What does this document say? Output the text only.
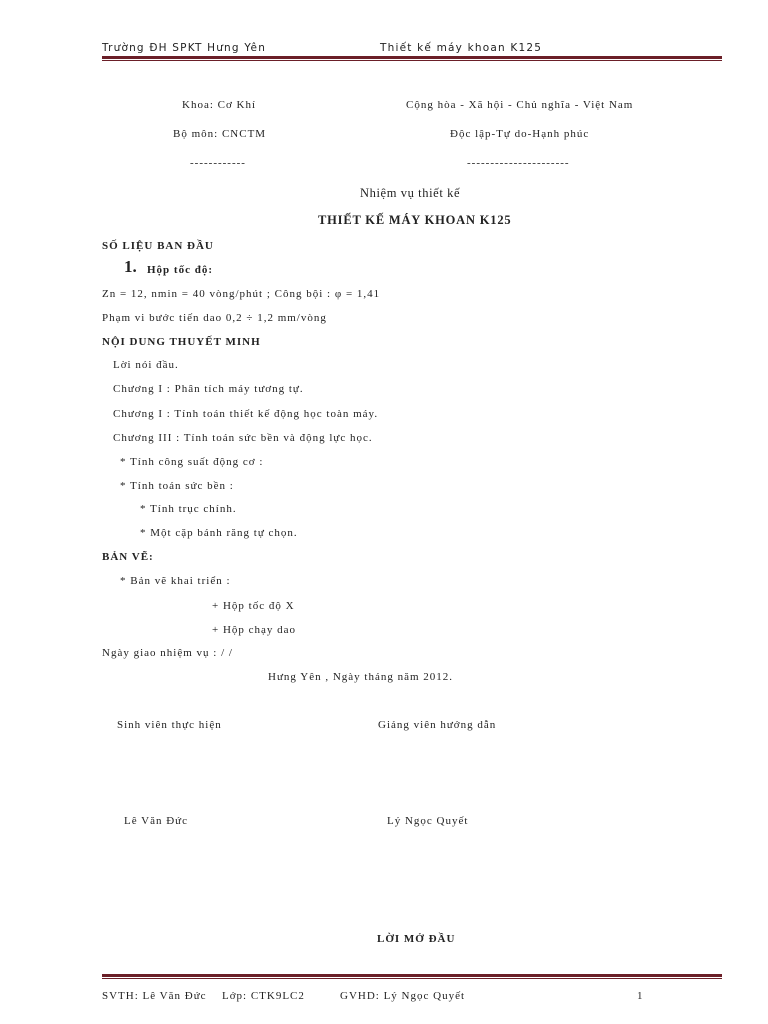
Trường ĐH SPKT Hưng Yên	Thiết kế máy khoan K125
Khoa: Cơ Khí	Cộng hòa - Xã hội - Chủ nghĩa - Việt Nam
Bộ môn: CNCTM	Độc lập-Tự do-Hạnh phúc
------------	----------------------
Nhiệm vụ thiết kế
THIẾT KẾ MÁY KHOAN K125
SỐ LIỆU BAN ĐẦU
1. Hộp tốc độ:
Zn = 12, nmin = 40 vòng/phút ; Công bội : φ = 1,41
Phạm vi bước tiến dao 0,2 ÷ 1,2 mm/vòng
NỘI DUNG THUYẾT MINH
Lời nói đầu.
Chương I : Phân tích máy tương tự.
Chương I : Tính toán thiết kế động học toàn máy.
Chương III : Tính toán sức bền và động lực học.
* Tính công suất động cơ :
* Tính toán sức bền :
* Tính trục chính.
* Một cặp bánh răng tự chọn.
BẢN VẼ:
* Bản vẽ khai triển :
+ Hộp tốc độ X
+ Hộp chạy dao
Ngày giao nhiệm vụ : / /
Hưng Yên , Ngày tháng năm 2012.
Sinh viên thực hiện	Giảng viên hướng dẫn
Lê Văn Đức	Lý Ngọc Quyết
LỜI MỞ ĐẦU
SVTH: Lê Văn Đức Lớp: CTK9LC2	GVHD: Lý Ngọc Quyết	1
